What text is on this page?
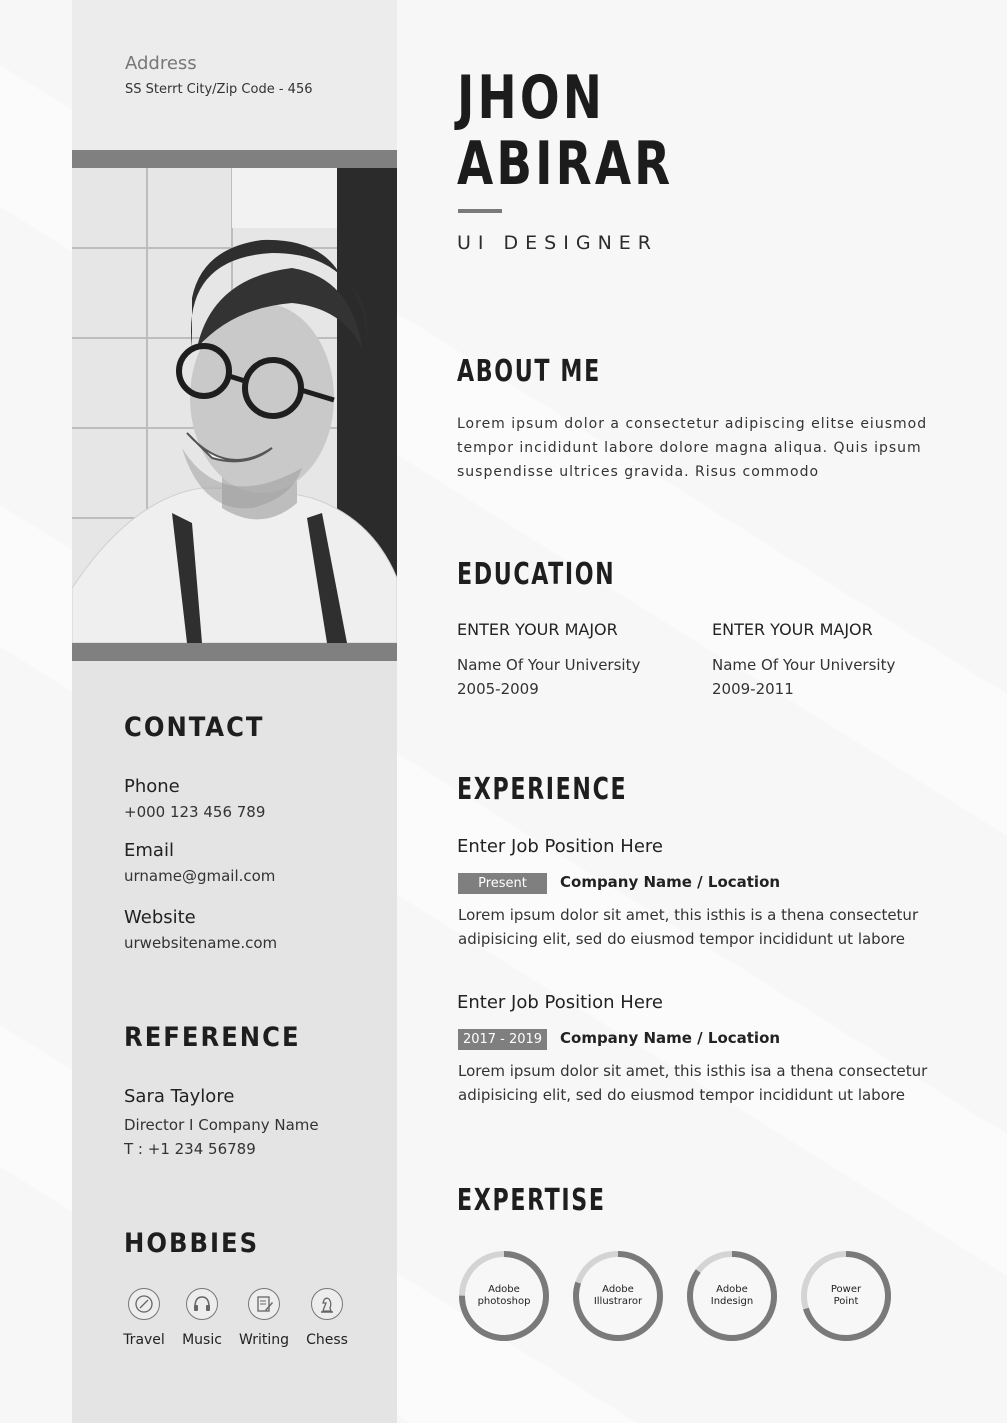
Address
SS Sterrt City/Zip Code - 456
CONTACT
Phone
+000 123 456 789
Email
urname@gmail.com
Website
urwebsitename.com
REFERENCE
Sara Taylore
Director I Company Name
T : +1 234 56789
HOBBIES
Travel	Music	Writing	Chess
JHON
ABIRAR
UI DESIGNER
ABOUT ME
Lorem ipsum dolor a consectetur adipiscing elitse eiusmod tempor incididunt labore dolore magna aliqua. Quis ipsum suspendisse ultrices gravida. Risus commodo
EDUCATION
ENTER YOUR MAJOR
Name Of Your University
2005-2009
ENTER YOUR MAJOR
Name Of Your University
2009-2011
EXPERIENCE
Enter Job Position Here
Present	Company Name / Location
Lorem ipsum dolor sit amet, this isthis is a thena consectetur adipisicing elit, sed do eiusmod tempor incididunt ut labore
Enter Job Position Here
2017 - 2019	Company Name / Location
Lorem ipsum dolor sit amet, this isthis isa a thena consectetur adipisicing elit, sed do eiusmod tempor incididunt ut labore
EXPERTISE
Adobe
photoshop
Adobe
Illustraror
Adobe
Indesign
Power
Point
